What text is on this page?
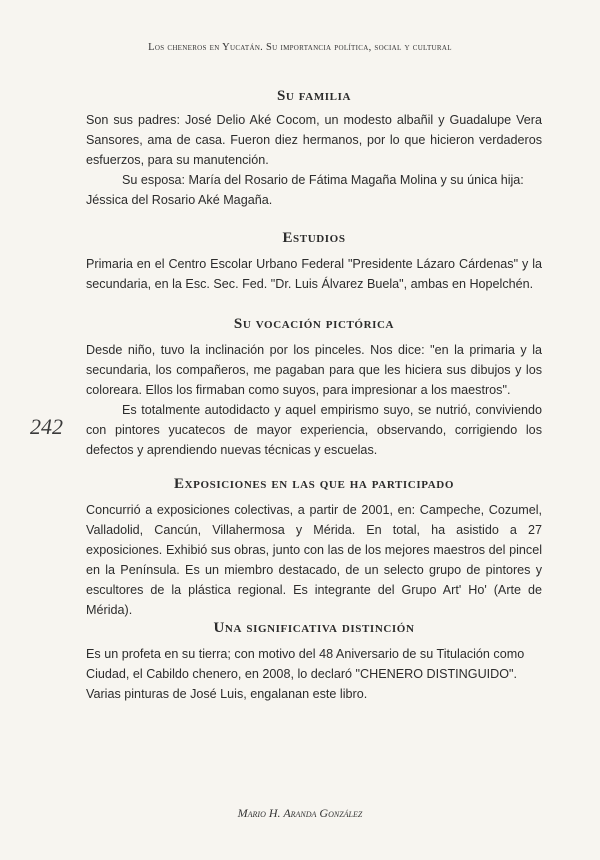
Los cheneros en Yucatán. Su importancia política, social y cultural
Su familia

Son sus padres: José Delio Aké Cocom, un modesto albañil y Guadalupe Vera Sansores, ama de casa. Fueron diez hermanos, por lo que hicieron verdaderos esfuerzos, para su manutención.

Su esposa: María del Rosario de Fátima Magaña Molina y su única hija: Jéssica del Rosario Aké Magaña.

Estudios

Primaria en el Centro Escolar Urbano Federal "Presidente Lázaro Cárdenas" y la secundaria, en la Esc. Sec. Fed. "Dr. Luis Álvarez Buela", ambas en Hopelchén.

Su vocación pictórica

Desde niño, tuvo la inclinación por los pinceles. Nos dice: "en la primaria y la secundaria, los compañeros, me pagaban para que les hiciera sus dibujos y los coloreara. Ellos los firmaban como suyos, para impresionar a los maestros".

Es totalmente autodidacto y aquel empirismo suyo, se nutrió, conviviendo con pintores yucatecos de mayor experiencia, observando, corrigiendo los defectos y aprendiendo nuevas técnicas y escuelas.

242
Exposiciones en las que ha participado

Concurrió a exposiciones colectivas, a partir de 2001, en: Campeche, Cozumel, Valladolid, Cancún, Villahermosa y Mérida. En total, ha asistido a 27 exposiciones. Exhibió sus obras, junto con las de los mejores maestros del pincel en la Península. Es un miembro destacado, de un selecto grupo de pintores y escultores de la plástica regional. Es integrante del Grupo Art' Ho' (Arte de Mérida).

Una significativa distinción

Es un profeta en su tierra; con motivo del 48 Aniversario de su Titulación como Ciudad, el Cabildo chenero, en 2008, lo declaró "CHENERO DISTINGUIDO". Varias pinturas de José Luis, engalanan este libro.

Mario H. Aranda González
